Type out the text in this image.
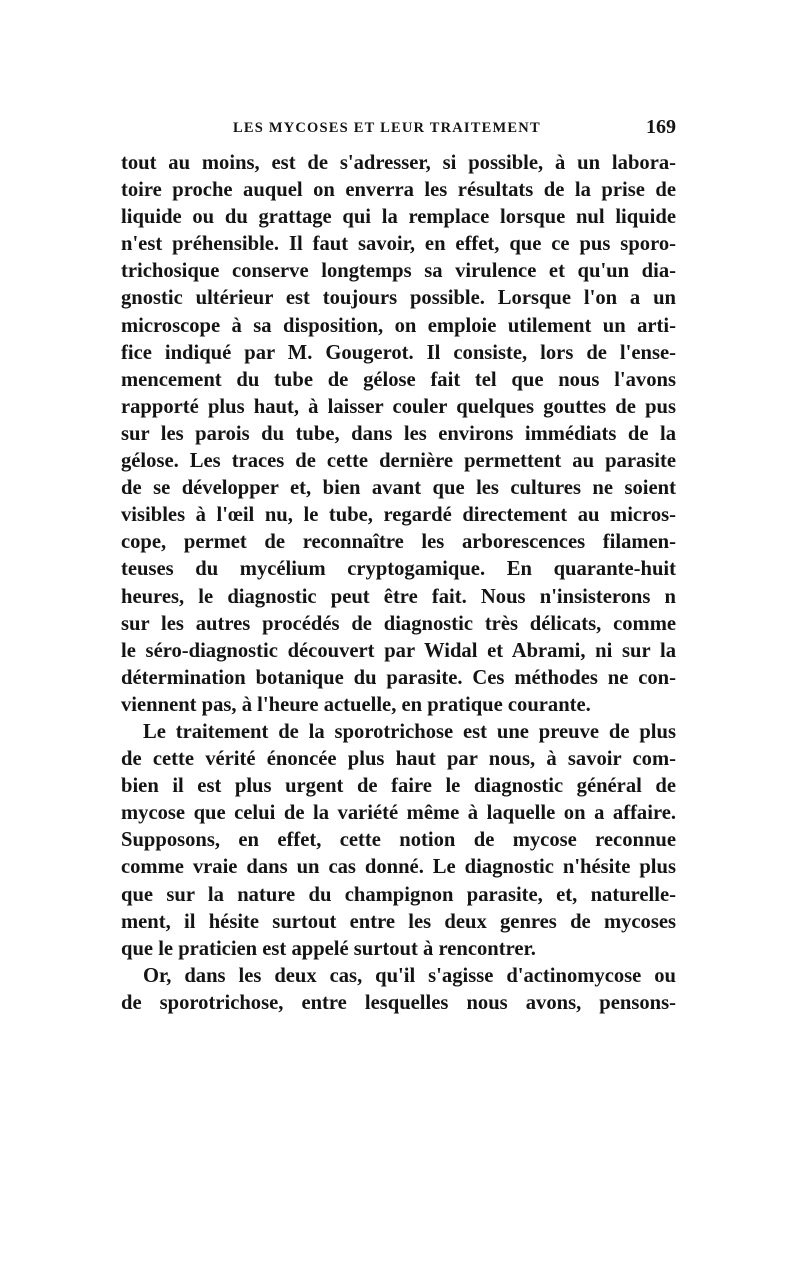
LES MYCOSES ET LEUR TRAITEMENT	169
tout au moins, est de s'adresser, si possible, à un labora-
toire proche auquel on enverra les résultats de la prise de
liquide ou du grattage qui la remplace lorsque nul liquide
n'est préhensible. Il faut savoir, en effet, que ce pus sporo-
trichosique conserve longtemps sa virulence et qu'un dia-
gnostic ultérieur est toujours possible. Lorsque l'on a un
microscope à sa disposition, on emploie utilement un arti-
fice indiqué par M. Gougerot. Il consiste, lors de l'ense-
mencement du tube de gélose fait tel que nous l'avons
rapporté plus haut, à laisser couler quelques gouttes de pus
sur les parois du tube, dans les environs immédiats de la
gélose. Les traces de cette dernière permettent au parasite
de se développer et, bien avant que les cultures ne soient
visibles à l'œil nu, le tube, regardé directement au micros-
cope, permet de reconnaître les arborescences filamen-
teuses du mycélium cryptogamique. En quarante-huit
heures, le diagnostic peut être fait. Nous n'insisterons n
sur les autres procédés de diagnostic très délicats, comme
le séro-diagnostic découvert par Widal et Abrami, ni sur la
détermination botanique du parasite. Ces méthodes ne con-
viennent pas, à l'heure actuelle, en pratique courante.
Le traitement de la sporotrichose est une preuve de plus
de cette vérité énoncée plus haut par nous, à savoir com-
bien il est plus urgent de faire le diagnostic général de
mycose que celui de la variété même à laquelle on a affaire.
Supposons, en effet, cette notion de mycose reconnue
comme vraie dans un cas donné. Le diagnostic n'hésite plus
que sur la nature du champignon parasite, et, naturelle-
ment, il hésite surtout entre les deux genres de mycoses
que le praticien est appelé surtout à rencontrer.
Or, dans les deux cas, qu'il s'agisse d'actinomycose ou
de sporotrichose, entre lesquelles nous avons, pensons-
